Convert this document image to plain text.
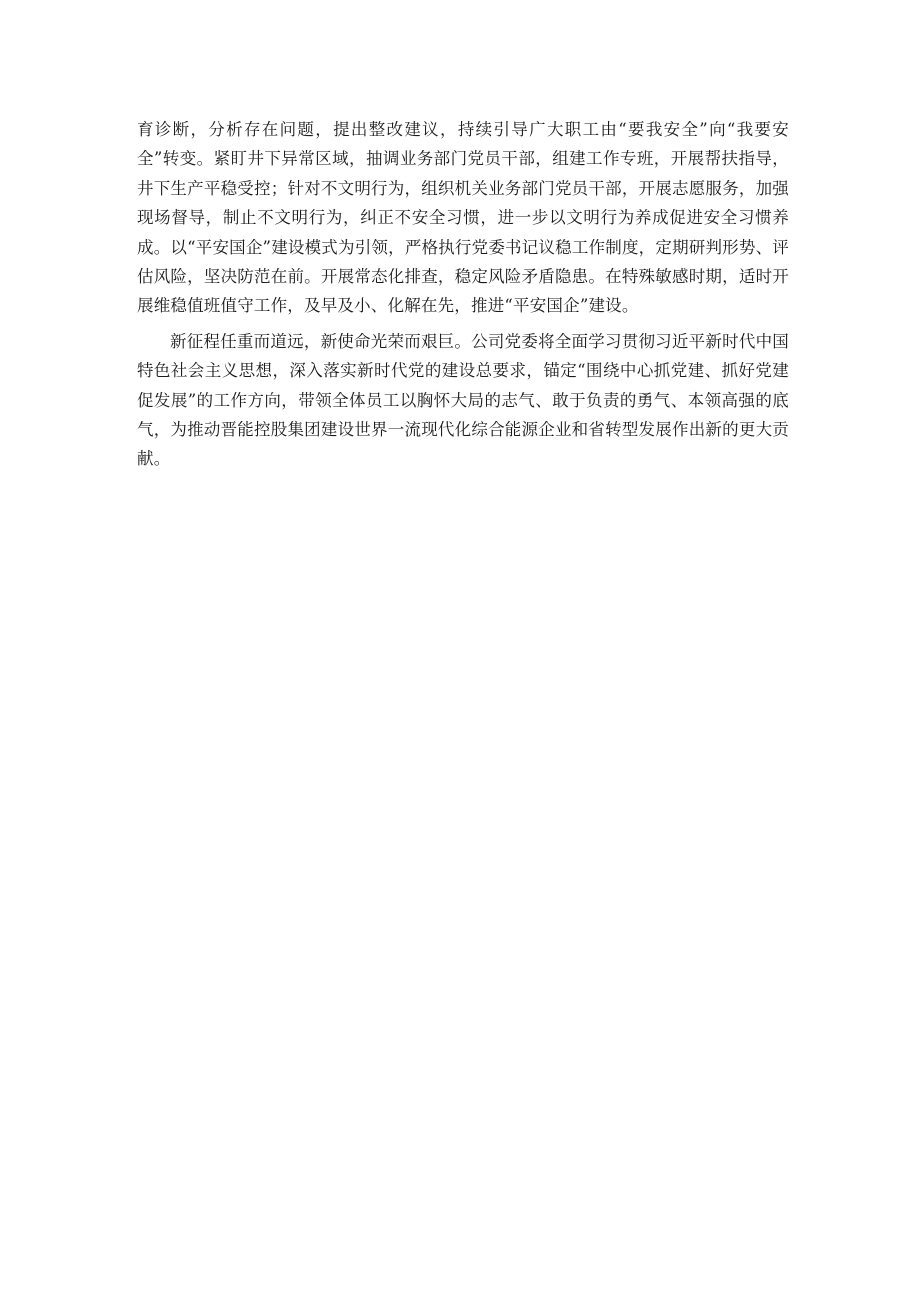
育诊断，分析存在问题，提出整改建议，持续引导广大职工由“要我安全”向“我要安全”转变。紧盯井下异常区域，抽调业务部门党员干部，组建工作专班，开展帮扶指导，井下生产平稳受控；针对不文明行为，组织机关业务部门党员干部，开展志愿服务，加强现场督导，制止不文明行为，纠正不安全习惯，进一步以文明行为养成促进安全习惯养成。以“平安国企”建设模式为引领，严格执行党委书记议稳工作制度，定期研判形势、评估风险，坚决防范在前。开展常态化排查，稳定风险矛盾隐患。在特殊敏感时期，适时开展维稳值班值守工作，及早及小、化解在先，推进“平安国企”建设。

新征程任重而道远，新使命光荣而艰巨。公司党委将全面学习贯彻习近平新时代中国特色社会主义思想，深入落实新时代党的建设总要求，锚定“围绕中心抓党建、抓好党建促发展”的工作方向，带领全体员工以胸怀大局的志气、敢于负责的勇气、本领高强的底气，为推动晋能控股集团建设世界一流现代化综合能源企业和省转型发展作出新的更大贡献。
